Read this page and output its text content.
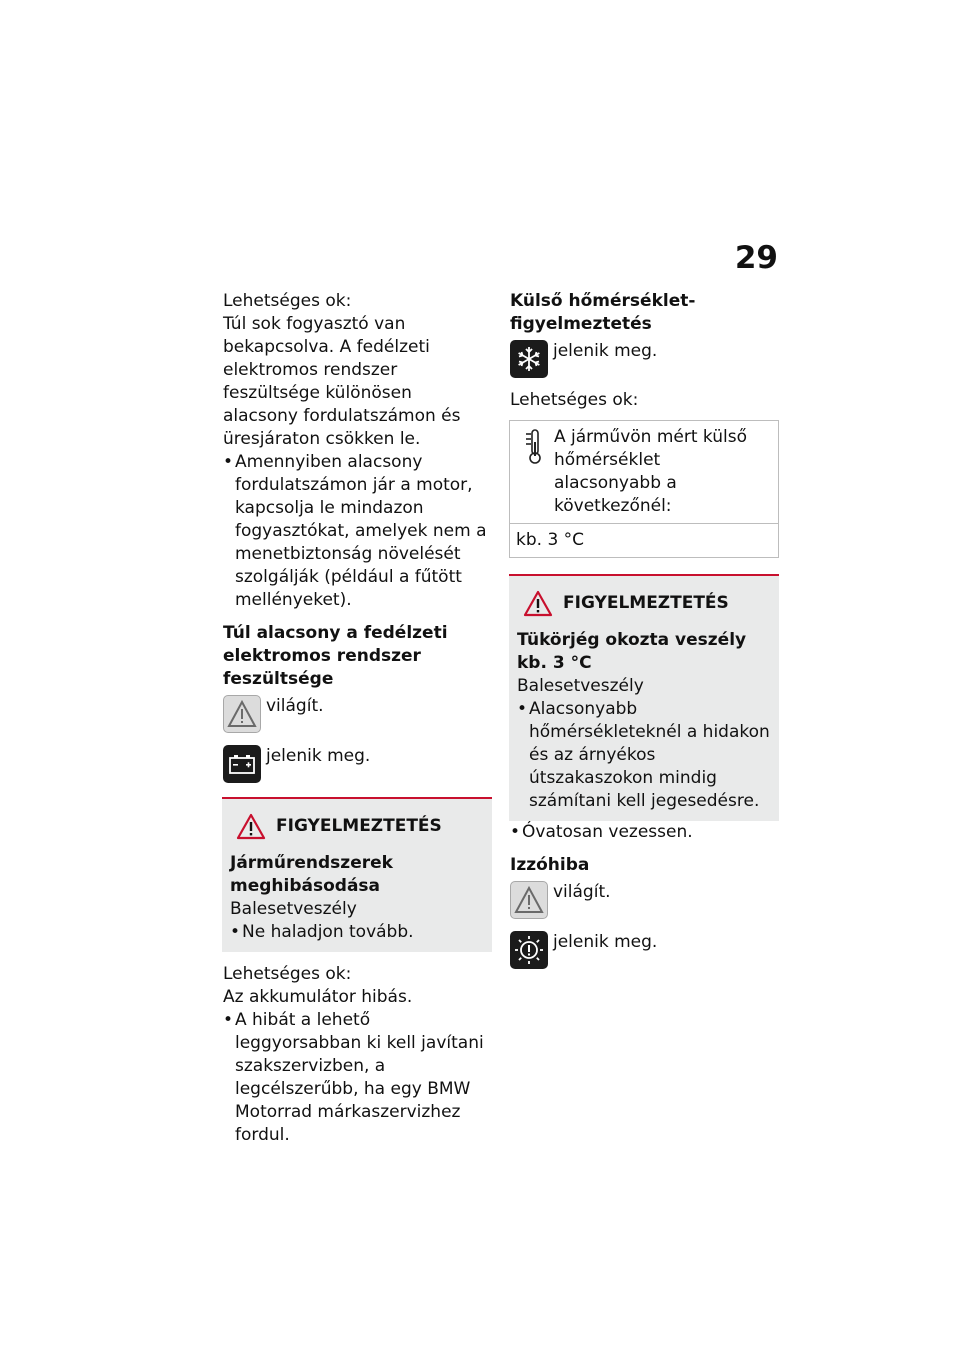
29

Lehetséges ok:

Túl sok fogyasztó van bekapcsolva. A fedélzeti elektromos rendszer feszültsége különösen alacsony fordulatszámon és üresjáraton csökken le.

• Amennyiben alacsony fordulatszámon jár a motor, kapcsolja le mindazon fogyasztókat, amelyek nem a menetbiztonság növelését szolgálják (például a fűtött mellényeket).

Túl alacsony a fedélzeti elektromos rendszer feszültsége

világít.
jelenik meg.
FIGYELMEZTETÉS

Járműrendszerek meghibásodása

Balesetveszély

• Ne haladjon tovább.

Lehetséges ok:

Az akkumulátor hibás.

• A hibát a lehető leggyorsabban ki kell javítani szakszervizben, a legcélszerűbb, ha egy BMW Motorrad márkaszervizhez fordul.

Külső hőmérséklet-figyelmeztetés

jelenik meg.

Lehetséges ok:

A járművön mért külső hőmérséklet alacsonyabb a következőnél:
kb. 3 °C
FIGYELMEZTETÉS

Tükörjég okozta veszély kb. 3 °C

Balesetveszély

• Alacsonyabb hőmérsékleteknél a hidakon és az árnyékos útszakaszokon mindig számítani kell jegesedésre.
• Óvatosan vezessen.

Izzóhiba

világít.
jelenik meg.
